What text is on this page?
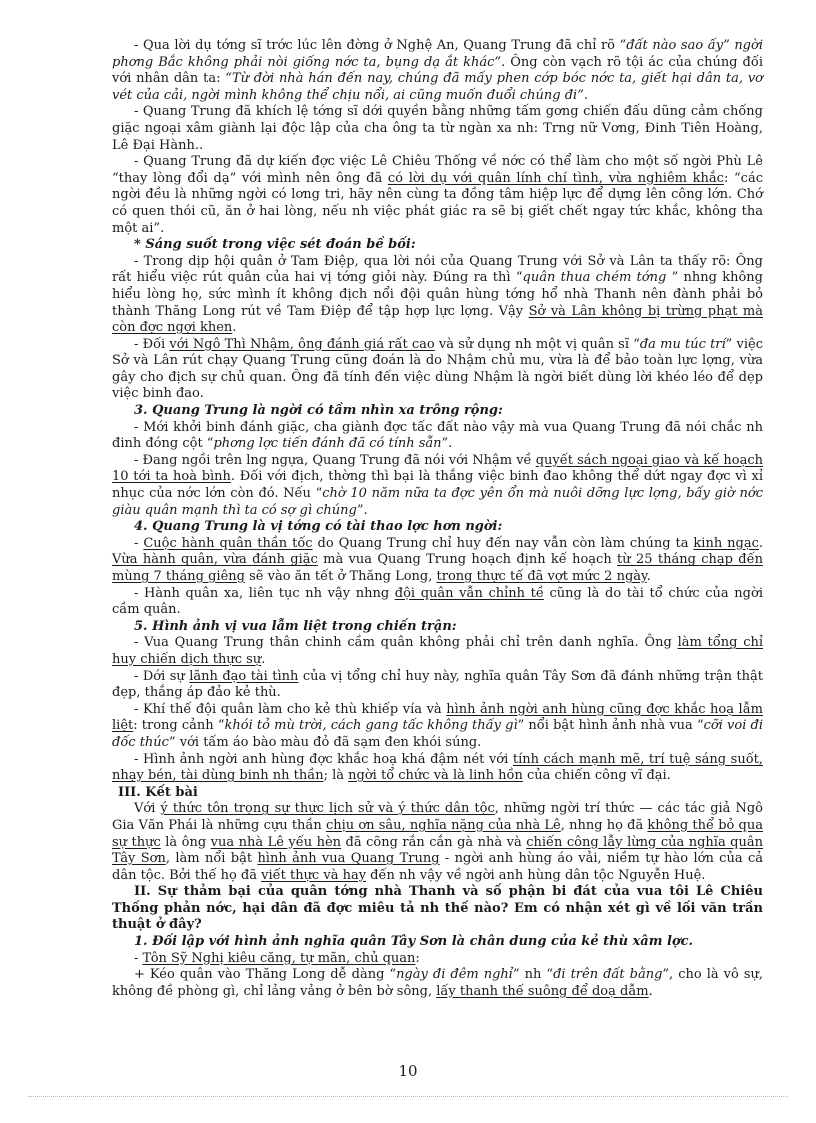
- Qua lời dụ tớng sĩ trớc lúc lên đờng ở Nghệ An, Quang Trung đã chỉ rõ “đất nào sao ấy” ngời phơng Bắc không phải nòi giống nớc ta, bụng dạ ắt khác”. Ông còn vạch rõ tội ác của chúng đối với nhân dân ta: “Từ đời nhà hán đến nay, chúng đã mấy phen cớp bóc nớc ta, giết hại dân ta, vơ vét của cải, ngời mình không thể chịu nổi, ai cũng muốn đuổi chúng đi”.

- Quang Trung đã khích lệ tớng sĩ dới quyền bằng những tấm gơng chiến đấu dũng cảm chống giặc ngoại xâm giành lại độc lập của cha ông ta từ ngàn xa nh: Trng nữ Vơng, Đinh Tiên Hoàng, Lê Đại Hành..

- Quang Trung đã dự kiến đợc việc Lê Chiêu Thống về nớc có thể làm cho một số ngời Phù Lê “thay lòng đổi dạ” với mình nên ông đã có lời dụ với quân lính chí tình, vừa nghiêm khắc: “các ngời đều là những ngời có lơng tri, hãy nên cùng ta đồng tâm hiệp lực để dựng lên công lớn. Chớ có quen thói cũ, ăn ở hai lòng, nếu nh việc phát giác ra sẽ bị giết chết ngay tức khắc, không tha một ai”.

* Sáng suốt trong việc sét đoán bề bối:

- Trong dịp hội quân ở Tam Điệp, qua lời nói của Quang Trung với Sở và Lân ta thấy rõ: Ông rất hiểu việc rút quân của hai vị tớng giỏi này. Đúng ra thì “quân thua chém tớng ” nhng không hiểu lòng họ, sức mình ít không địch nổi đội quân hùng tớng hổ nhà Thanh nên đành phải bỏ thành Thăng Long rút về Tam Điệp để tập hợp lực lợng. Vậy Sở và Lân không bị trừng phạt mà còn đợc ngợi khen.

- Đối với Ngô Thì Nhậm, ông đánh giá rất cao và sử dụng nh một vị quân sĩ “đa mu túc trí” việc Sở và Lân rút chạy Quang Trung cũng đoán là do Nhậm chủ mu, vừa là để bảo toàn lực lợng, vừa gây cho địch sự chủ quan. Ông đã tính đến việc dùng Nhậm là ngời biết dùng lời khéo léo để dẹp việc binh đao.

3. Quang Trung là ngời có tầm nhìn xa trông rộng:

- Mới khởi binh đánh giặc, cha giành đợc tấc đất nào vậy mà vua Quang Trung đã nói chắc nh đinh đóng cột “phơng lợc tiến đánh đã có tính sẵn”.

- Đang ngồi trên lng ngựa, Quang Trung đã nói với Nhậm về quyết sách ngoại giao và kế hoạch 10 tới ta hoà bình. Đối với địch, thờng thì bại là thắng việc binh đao không thể dứt ngay đợc vì xỉ nhục của nớc lớn còn đó. Nếu “chờ 10 năm nữa ta đợc yên ổn mà nuôi dỡng lực lợng, bấy giờ nớc giàu quân mạnh thì ta có sợ gì chúng”.

4. Quang Trung là vị tớng có tài thao lợc hơn ngời:

- Cuộc hành quân thần tốc do Quang Trung chỉ huy đến nay vẫn còn làm chúng ta kinh ngạc. Vừa hành quân, vừa đánh giặc mà vua Quang Trung hoạch định kế hoạch từ 25 tháng chạp đến mùng 7 tháng giêng sẽ vào ăn tết ở Thăng Long, trong thực tế đã vợt mức 2 ngày.

- Hành quân xa, liên tục nh vậy nhng đội quân vẫn chỉnh tề cũng là do tài tổ chức của ngời cầm quân.

5. Hình ảnh vị vua lẫm liệt trong chiến trận:

- Vua Quang Trung thân chinh cầm quân không phải chỉ trên danh nghĩa. Ông làm tổng chỉ huy chiến dịch thực sự.

- Dới sự lãnh đạo tài tình của vị tổng chỉ huy này, nghĩa quân Tây Sơn đã đánh những trận thật đẹp, thắng áp đảo kẻ thù.

- Khí thế đội quân làm cho kẻ thù khiếp vía và hình ảnh ngời anh hùng cũng đợc khắc hoạ lẫm liệt: trong cảnh “khói tỏ mù trời, cách gang tấc không thấy gì” nổi bật hình ảnh nhà vua “cỡi voi đi đốc thúc” với tấm áo bào màu đỏ đã sạm đen khói súng.

- Hình ảnh ngời anh hùng đợc khắc hoạ khá đậm nét với tính cách mạnh mẽ, trí tuệ sáng suốt, nhạy bén, tài dùng binh nh thần; là ngời tổ chức và là linh hồn của chiến công vĩ đại.

III. Kết bài

Với ý thức tôn trọng sự thực lịch sử và ý thức dân tộc, những ngời trí thức — các tác giả Ngô Gia Văn Phái là những cựu thần chịu ơn sâu, nghĩa nặng của nhà Lê, nhng họ đã không thể bỏ qua sự thực là ông vua nhà Lê yếu hèn đã cõng rắn cắn gà nhà và chiến công lẫy lừng của nghĩa quân Tây Sơn, làm nổi bật hình ảnh vua Quang Trung - ngời anh hùng áo vải, niềm tự hào lớn của cả dân tộc. Bởi thế họ đã viết thực và hay đến nh vậy về ngời anh hùng dân tộc Nguyễn Huệ.

II. Sự thảm bại của quân tớng nhà Thanh và số phận bi đát của vua tôi Lê Chiêu Thống phản nớc, hại dân đã đợc miêu tả nh thế nào? Em có nhận xét gì về lối văn trần thuật ở đây?

1. Đối lập với hình ảnh nghĩa quân Tây Sơn là chân dung của kẻ thù xâm lợc.

- Tôn Sỹ Nghị kiêu căng, tự mãn, chủ quan:

+ Kéo quân vào Thăng Long dễ dàng “ngày đi đêm nghỉ” nh “đi trên đất bằng”, cho là vô sự, không đề phòng gì, chỉ lảng vảng ở bên bờ sông, lấy thanh thế suông để doạ dẫm.

10
